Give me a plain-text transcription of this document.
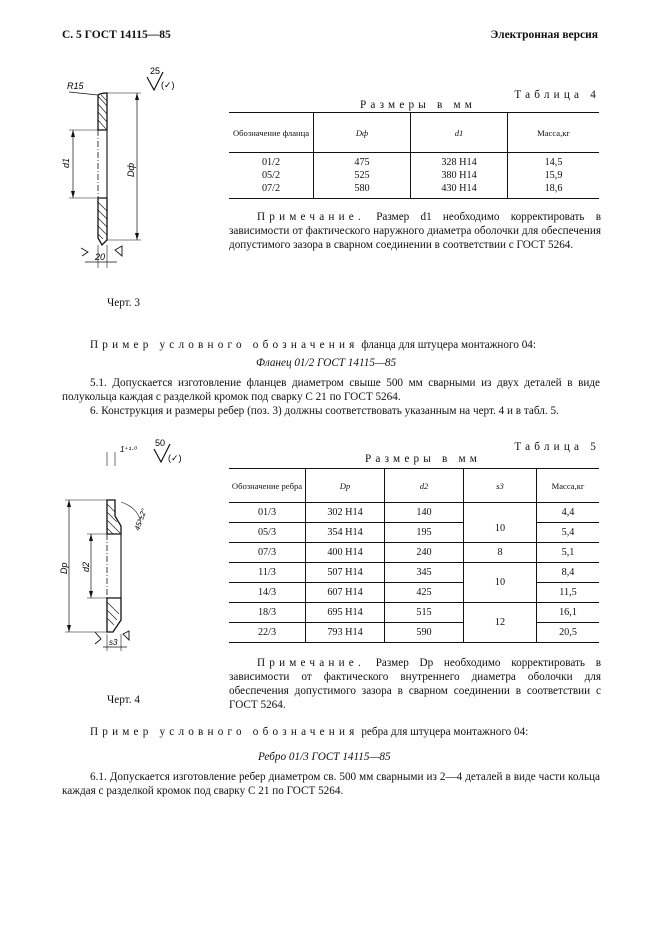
С. 5 ГОСТ 14115—85	Электронная версия
R15
25
(✓)
d1	Dф
20
Черт. 3
Таблица 4
Размеры в мм
Обозначение фланца	Dф	d1	Масса,кг
01/2	475	328 H14	14,5
05/2	525	380 H14	15,9
07/2	580	430 H14	18,6
Примечание. Размер d1 необходимо корректировать в зависимости от фактического наружного диаметра оболочки для обеспечения допустимого зазора в сварном соединении в соответствии с ГОСТ 5264.
Пример условного обозначения фланца для штуцера монтажного 04:
Фланец 01/2 ГОСТ 14115—85
5.1. Допускается изготовление фланцев диаметром свыше 500 мм сварными из двух деталей в виде полукольца каждая с разделкой кромок под сварку С 21 по ГОСТ 5264.
6. Конструкция и размеры ребер (поз. 3) должны соответствовать указанным на черт. 4 и в табл. 5.
1⁺¹·⁰
50
(✓)
45°±2°
Dp d2
s3
Черт. 4
Таблица 5
Размеры в мм
Обозначение ребра	Dp	d2	s3	Масса,кг
01/3	302 H14	140	10	4,4
05/3	354 H14	195		5,4
07/3	400 H14	240	8	5,1
11/3	507 H14	345	10	8,4
14/3	607 H14	425		11,5
18/3	695 H14	515	12	16,1
22/3	793 H14	590		20,5
Примечание. Размер Dp необходимо корректировать в зависимости от фактического внутреннего диаметра оболочки для обеспечения допустимого зазора в сварном соединении в соответствии с ГОСТ 5264.
Пример условного обозначения ребра для штуцера монтажного 04:
Ребро 01/3 ГОСТ 14115—85
6.1. Допускается изготовление ребер диаметром св. 500 мм сварными из 2—4 деталей в виде части кольца каждая с разделкой кромок под сварку С 21 по ГОСТ 5264.
